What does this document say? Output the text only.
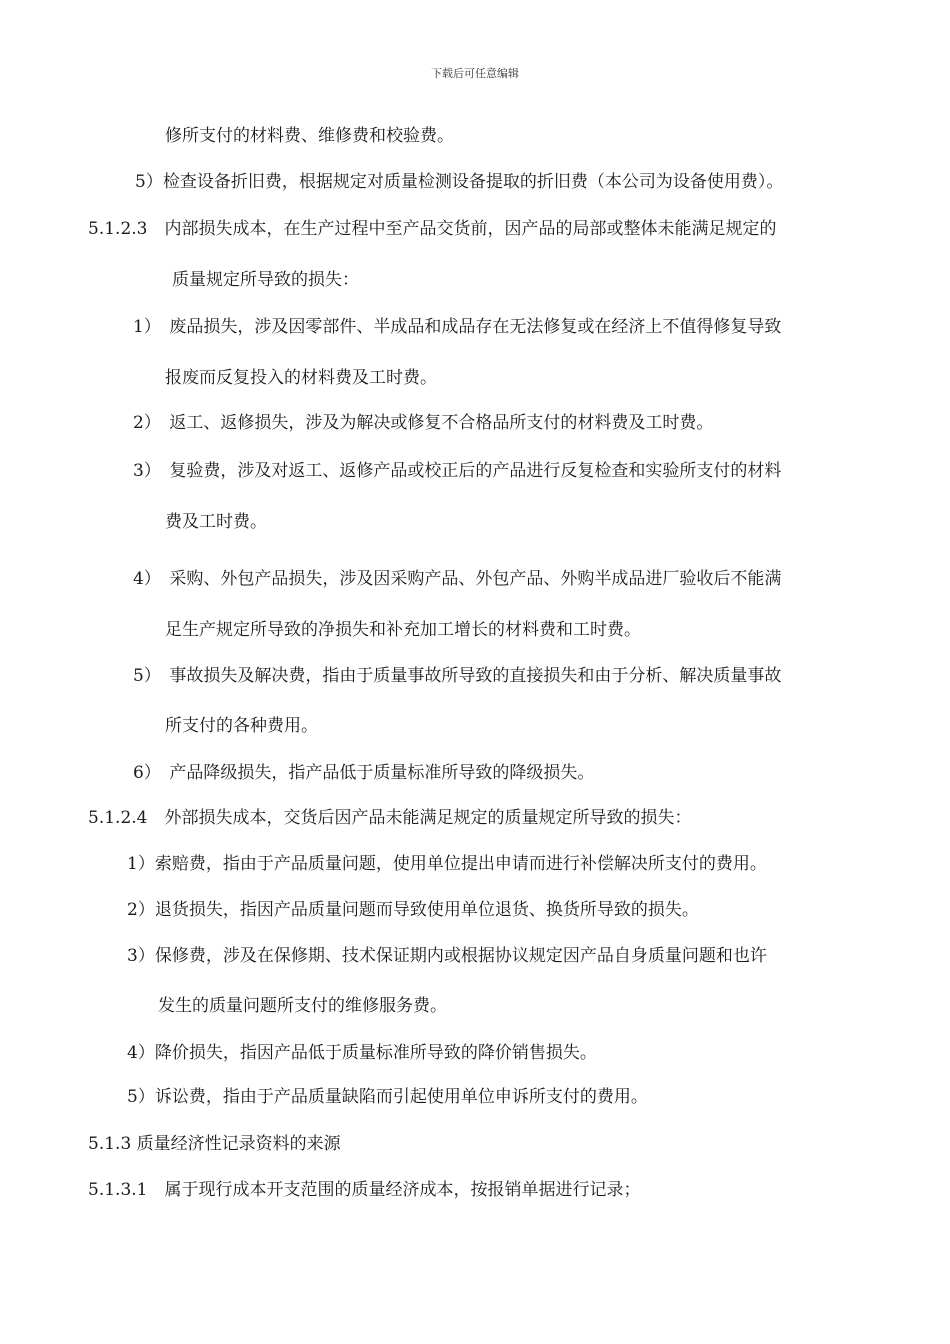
下载后可任意编辑
修所支付的材料费、维修费和校验费。
5）检查设备折旧费，根据规定对质量检测设备提取的折旧费（本公司为设备使用费）。
5.1.2.3　内部损失成本，在生产过程中至产品交货前，因产品的局部或整体未能满足规定的
质量规定所导致的损失：
1）　废品损失，涉及因零部件、半成品和成品存在无法修复或在经济上不值得修复导致
报废而反复投入的材料费及工时费。
2）　返工、返修损失，涉及为解决或修复不合格品所支付的材料费及工时费。
3）　复验费，涉及对返工、返修产品或校正后的产品进行反复检查和实验所支付的材料
费及工时费。
4）　采购、外包产品损失，涉及因采购产品、外包产品、外购半成品进厂验收后不能满
足生产规定所导致的净损失和补充加工增长的材料费和工时费。
5）　事故损失及解决费，指由于质量事故所导致的直接损失和由于分析、解决质量事故
所支付的各种费用。
6）　产品降级损失，指产品低于质量标准所导致的降级损失。
5.1.2.4　外部损失成本，交货后因产品未能满足规定的质量规定所导致的损失：
1）索赔费，指由于产品质量问题，使用单位提出申请而进行补偿解决所支付的费用。
2）退货损失，指因产品质量问题而导致使用单位退货、换货所导致的损失。
3）保修费，涉及在保修期、技术保证期内或根据协议规定因产品自身质量问题和也许
发生的质量问题所支付的维修服务费。
4）降价损失，指因产品低于质量标准所导致的降价销售损失。
5）诉讼费，指由于产品质量缺陷而引起使用单位申诉所支付的费用。
5.1.3 质量经济性记录资料的来源
5.1.3.1　属于现行成本开支范围的质量经济成本，按报销单据进行记录；
